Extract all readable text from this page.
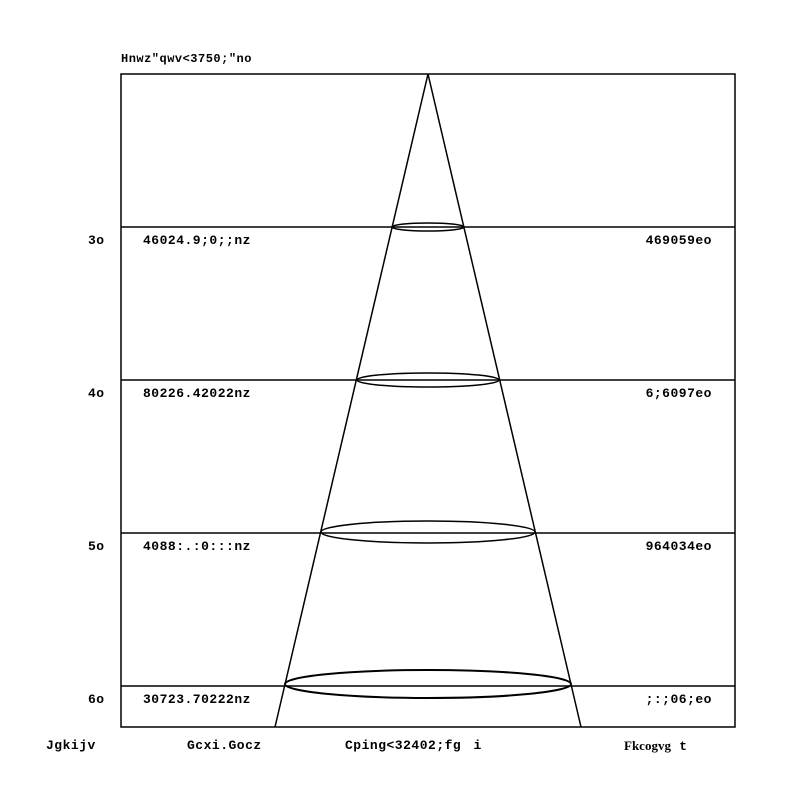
Hnwz"qwv<3750;"no
3o	46024.9;0;;nz	469059eo
4o	80226.42022nz	6;6097eo
5o	4088:.:0:::nz	964034eo
6o	30723.70222nz	;:;06;eo
Jgkijv	Gcxi.Gocz	Cping<32402;fg i	Fkcogvg t
